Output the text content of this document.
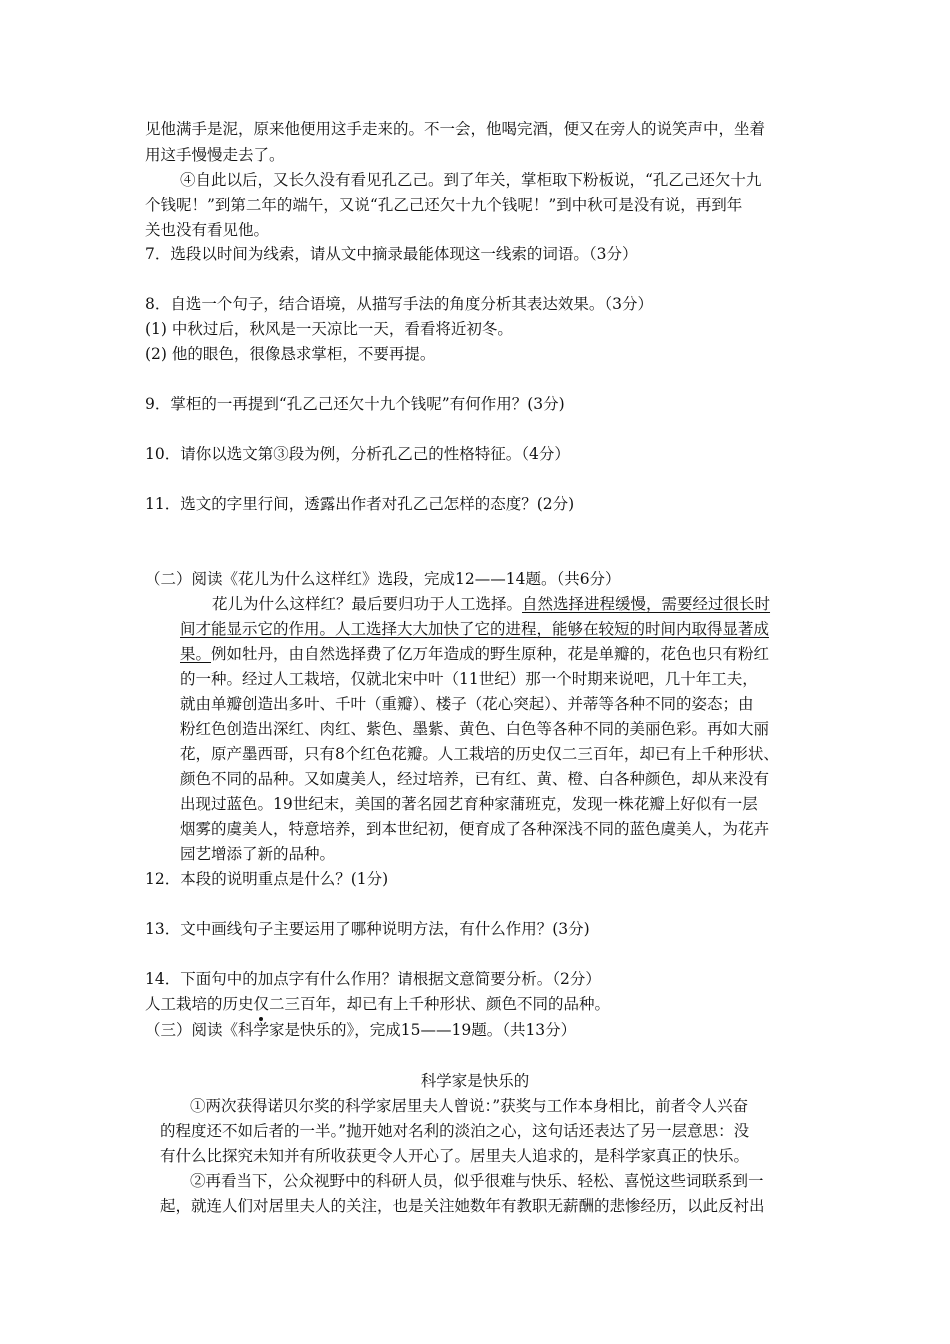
见他满手是泥，原来他便用这手走来的。不一会，他喝完酒，便又在旁人的说笑声中，坐着
用这手慢慢走去了。
④自此以后，又长久没有看见孔乙己。到了年关，掌柜取下粉板说，“孔乙己还欠十九
个钱呢！”到第二年的端午，又说“孔乙己还欠十九个钱呢！”到中秋可是没有说，再到年
关也没有看见他。
7．选段以时间为线索，请从文中摘录最能体现这一线索的词语。（3分）
8．自选一个句子，结合语境，从描写手法的角度分析其表达效果。（3分）
(1) 中秋过后，秋风是一天凉比一天，看看将近初冬。
(2) 他的眼色，很像恳求掌柜，不要再提。
9．掌柜的一再提到“孔乙己还欠十九个钱呢”有何作用？(3分)
10．请你以选文第③段为例，分析孔乙己的性格特征。（4分）
11．选文的字里行间，透露出作者对孔乙己怎样的态度？(2分)
（二）阅读《花儿为什么这样红》选段，完成12——14题。（共6分）
花儿为什么这样红？最后要归功于人工选择。自然选择进程缓慢，需要经过很长时
间才能显示它的作用。人工选择大大加快了它的进程，能够在较短的时间内取得显著成
果。例如牡丹，由自然选择费了亿万年造成的野生原种，花是单瓣的，花色也只有粉红
的一种。经过人工栽培，仅就北宋中叶（11世纪）那一个时期来说吧，几十年工夫，
就由单瓣创造出多叶、千叶（重瓣）、楼子（花心突起）、并蒂等各种不同的姿态；由
粉红色创造出深红、肉红、紫色、墨紫、黄色、白色等各种不同的美丽色彩。再如大丽
花，原产墨西哥，只有8个红色花瓣。人工栽培的历史仅二三百年，却已有上千种形状、
颜色不同的品种。又如虞美人，经过培养，已有红、黄、橙、白各种颜色，却从来没有
出现过蓝色。19世纪末，美国的著名园艺育种家蒲班克，发现一株花瓣上好似有一层
烟雾的虞美人，特意培养，到本世纪初，便育成了各种深浅不同的蓝色虞美人，为花卉
园艺增添了新的品种。
12．本段的说明重点是什么？(1分)
13．文中画线句子主要运用了哪种说明方法，有什么作用？(3分)
14．下面句中的加点字有什么作用？请根据文意简要分析。（2分）
人工栽培的历史仅二三百年，却已有上千种形状、颜色不同的品种。
（三）阅读《科学家是快乐的》，完成15——19题。（共13分）
科学家是快乐的
①两次获得诺贝尔奖的科学家居里夫人曾说：”获奖与工作本身相比，前者令人兴奋
的程度还不如后者的一半。”抛开她对名利的淡泊之心，这句话还表达了另一层意思：没
有什么比探究未知并有所收获更令人开心了。居里夫人追求的，是科学家真正的快乐。
②再看当下，公众视野中的科研人员，似乎很难与快乐、轻松、喜悦这些词联系到一
起，就连人们对居里夫人的关注，也是关注她数年有教职无薪酬的悲惨经历，以此反衬出
